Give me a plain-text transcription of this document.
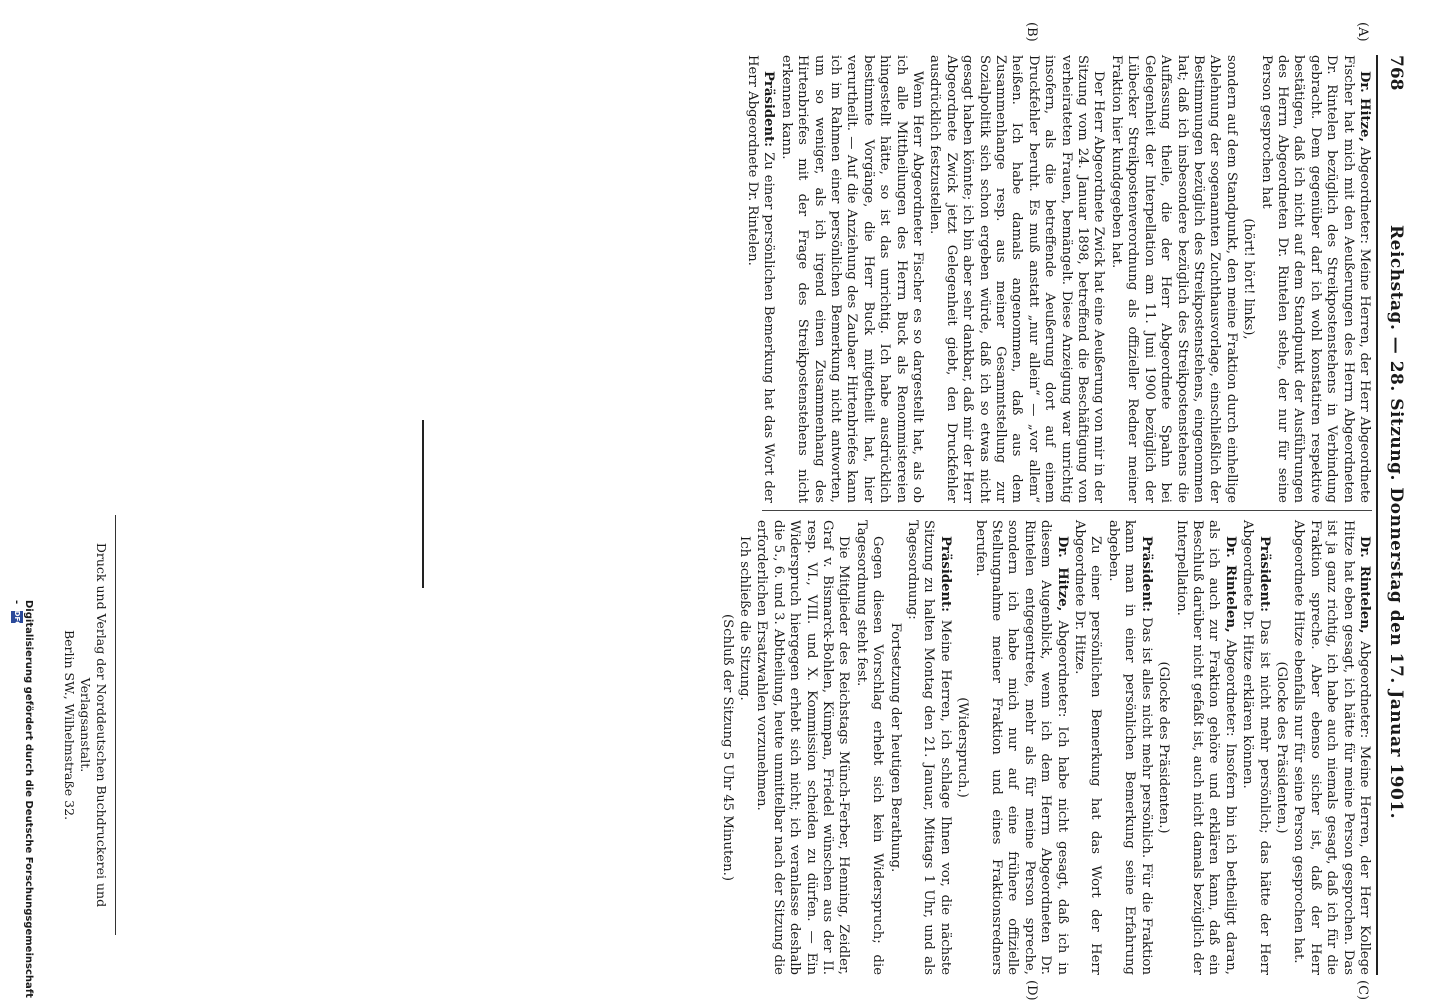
768
Reichstag. — 28. Sitzung. Donnerstag den 17. Januar 1901.
(A)
(B)
(C)
(D)

Dr. Hitze, Abgeordneter: Meine Herren, der Herr Abgeordnete Fischer hat mich mit den Aeußerungen des Herrn Abgeordneten Dr. Rintelen bezüglich des Streikpostenstehens in Verbindung gebracht. Dem gegenüber darf ich wohl konstatiren respektive bestätigen, daß ich nicht auf dem Standpunkt der Ausführungen des Herrn Abgeordneten Dr. Rintelen stehe, der nur für seine Person gesprochen hat

(hört! hört! links),

sondern auf dem Standpunkt, den meine Fraktion durch einhellige Ablehnung der sogenannten Zuchthausvorlage, einschließlich der Bestimmungen bezüglich des Streikpostenstehens, eingenommen hat; daß ich insbesondere bezüglich des Streikpostenstehens die Auffassung theile, die der Herr Abgeordnete Spahn bei Gelegenheit der Interpellation am 11. Juni 1900 bezüglich der Lübecker Streikpostenverordnung als offizieller Redner meiner Fraktion hier kundgegeben hat.

Der Herr Abgeordnete Zwick hat eine Aeußerung von mir in der Sitzung vom 24. Januar 1898, betreffend die Beschäftigung von verheirateten Frauen, bemängelt. Diese Anzeigung war unrichtig insofern, als die betreffende Aeußerung dort auf einem Druckfehler beruht. Es muß anstatt „nur allein“ — „vor allem“ heißen. Ich habe damals angenommen, daß aus dem Zusammenhange resp. aus meiner Gesammtstellung zur Sozialpolitik sich schon ergeben würde, daß ich so etwas nicht gesagt haben könnte; ich bin aber sehr dankbar, daß mir der Herr Abgeordnete Zwick jetzt Gelegenheit giebt, den Druckfehler ausdrücklich festzustellen.

Wenn Herr Abgeordneter Fischer es so dargestellt hat, als ob ich alle Mittheilungen des Herrn Buck als Renommistereien hingestellt hätte, so ist das unrichtig. Ich habe ausdrücklich bestimmte Vorgänge, die Herr Buck mitgetheilt hat, hier verurtheilt. — Auf die Anziehung des Zaubaer Hirtenbriefes kann ich im Rahmen einer persönlichen Bemerkung nicht antworten, um so weniger, als ich irgend einen Zusammenhang des Hirtenbriefes mit der Frage des Streikpostenstehens nicht erkennen kann.

Präsident: Zu einer persönlichen Bemerkung hat das Wort der Herr Abgeordnete Dr. Rintelen.

Dr. Rintelen, Abgeordneter: Meine Herren, der Herr Kollege Hitze hat eben gesagt, ich hätte für meine Person gesprochen. Das ist ja ganz richtig, ich habe auch niemals gesagt, daß ich für die Fraktion spreche. Aber ebenso sicher ist, daß der Herr Abgeordnete Hitze ebenfalls nur für seine Person gesprochen hat.

(Glocke des Präsidenten.)

Präsident: Das ist nicht mehr persönlich; das hätte der Herr Abgeordnete Dr. Hitze erklären können.

Dr. Rintelen, Abgeordneter: Insofern bin ich betheiligt daran, als ich auch zur Fraktion gehöre und erklären kann, daß ein Beschluß darüber nicht gefaßt ist, auch nicht damals bezüglich der Interpellation.

(Glocke des Präsidenten.)

Präsident: Das ist alles nicht mehr persönlich. Für die Fraktion kann man in einer persönlichen Bemerkung seine Erfahrung abgeben.

Zu einer persönlichen Bemerkung hat das Wort der Herr Abgeordnete Dr. Hitze.

Dr. Hitze, Abgeordneter: Ich habe nicht gesagt, daß ich in diesem Augenblick, wenn ich dem Herrn Abgeordneten Dr. Rintelen entgegentrete, mehr als für meine Person spreche, sondern ich habe mich nur auf eine frühere offizielle Stellungnahme meiner Fraktion und eines Fraktionsredners berufen.

(Widerspruch.)

Präsident: Meine Herren, ich schlage Ihnen vor, die nächste Sitzung zu halten Montag den 21. Januar, Mittags 1 Uhr, und als Tagesordnung:

Fortsetzung der heutigen Berathung.

Gegen diesen Vorschlag erhebt sich kein Widerspruch; die Tagesordnung steht fest.

Die Mitglieder des Reichstags Münch-Ferber, Henning, Zeidler, Graf v. Bismarck-Bohlen, Kümpan, Friedel wünschen aus der II. resp. VI., VIII. und X. Kommission scheiden zu dürfen. — Ein Widerspruch hiergegen erhebt sich nicht; ich veranlasse deshalb die 5., 6. und 3. Abtheilung, heute unmittelbar nach der Sitzung die erforderlichen Ersatzwahlen vorzunehmen.

Ich schließe die Sitzung.

(Schluß der Sitzung 5 Uhr 45 Minuten.)

Druck und Verlag der Norddeutschen Buchdruckerei und Verlagsanstalt.
Berlin SW., Wilhelmstraße 32.
Digitalisierung gefördert durch die Deutsche Forschungsgemeinschaft - DFG
